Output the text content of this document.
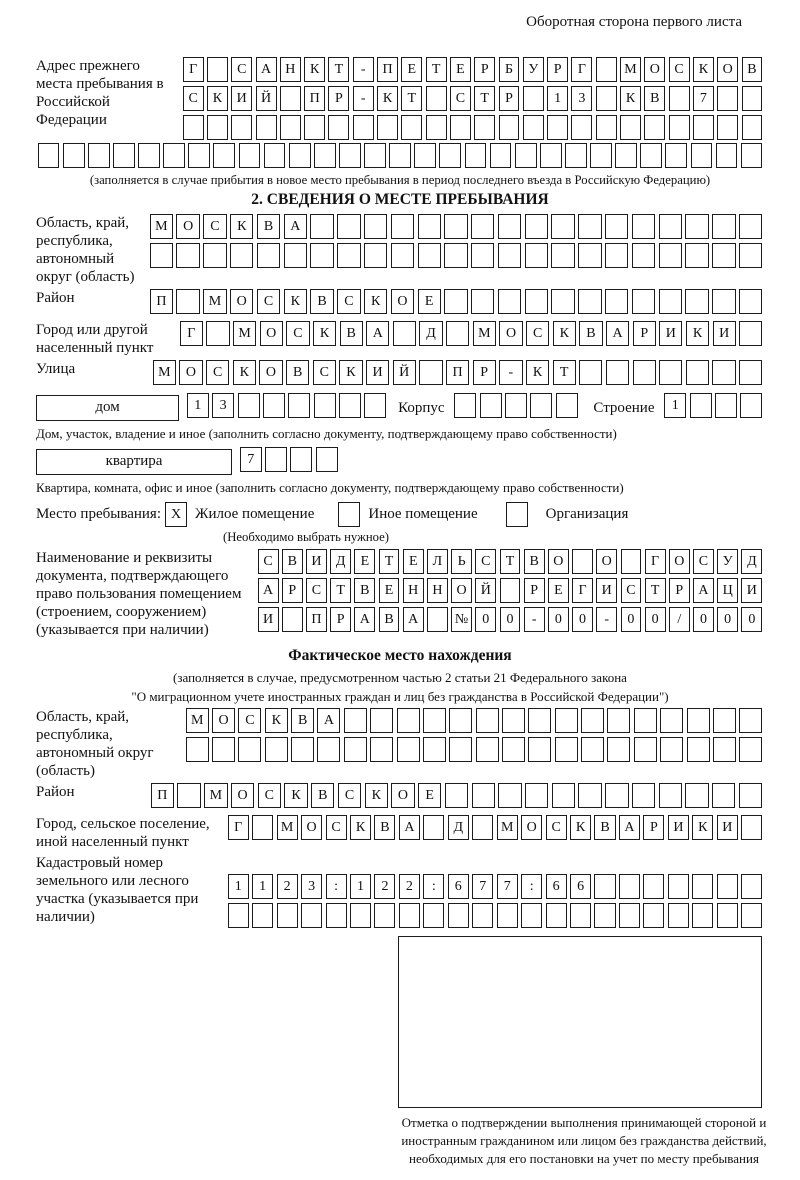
Оборотная сторона первого листа
Адрес прежнего места пребывания в Российской Федерации
Г	С	А	Н	К	Т	-	П	Е	Т	Е	Р	Б	У	Р	Г	М О	С	К	О	В
С	К	И	Й	П	Р	-	К	Т	С	Т	Р	1	3	К	В	7
(заполняется в случае прибытия в новое место пребывания в период последнего въезда в Российскую Федерацию)
2. СВЕДЕНИЯ О МЕСТЕ ПРЕБЫВАНИЯ
Область, край, республика, автономный округ (область)
М	О	С	К	В	А
Район	П	М	О	С	К	В	С	К	О	Е
Город или другой населенный пункт
Г	М	О	С	К	В	А	Д	М	О	С	К	В	А	Р	И	К	И
Улица	М	О	С	К	О	В	С	К	И	Й	П	Р	-	К	Т
дом	1	3	Корпус	Строение	1
Дом, участок, владение и иное (заполнить согласно документу, подтверждающему право собственности)
квартира	7
Квартира, комната, офис и иное (заполнить согласно документу, подтверждающему право собственности)
Место пребывания: X Жилое помещение	Иное помещение	Организация
(Необходимо выбрать нужное)
Наименование и реквизиты документа, подтверждающего право пользования помещением (строением, сооружением) (указывается при наличии)
С	В	И	Д	Е	Т	Е	Л	Ь	С	Т	В	О	О	Г	О	С	У	Д
А	Р	С	Т	В	Е	Н	Н	О	Й	Р	Е	Г	И	С	Т	Р	А	Ц	И
И	П	Р	А	В	А	№	0	0	-	0	0	-	0	0	/	0	0	0
Фактическое место нахождения
(заполняется в случае, предусмотренном частью 2 статьи 21 Федерального закона
"О миграционном учете иностранных граждан и лиц без гражданства в Российской Федерации")
Область, край, республика, автономный округ (область)
М	О	С	К	В	А
Район	П	М	О	С	К	В	С	К	О	Е
Город, сельское поселение, иной населенный пункт
Г	М О	С	К	В	А	Д	М О	С	К	В	А	Р	И	К	И
Кадастровый номер земельного или лесного участка (указывается при наличии)
1	1	2	3	:	1	2	2	:	6	7	7	:	6	6
Отметка о подтверждении выполнения принимающей стороной и иностранным гражданином или лицом без гражданства действий, необходимых для его постановки на учет по месту пребывания
